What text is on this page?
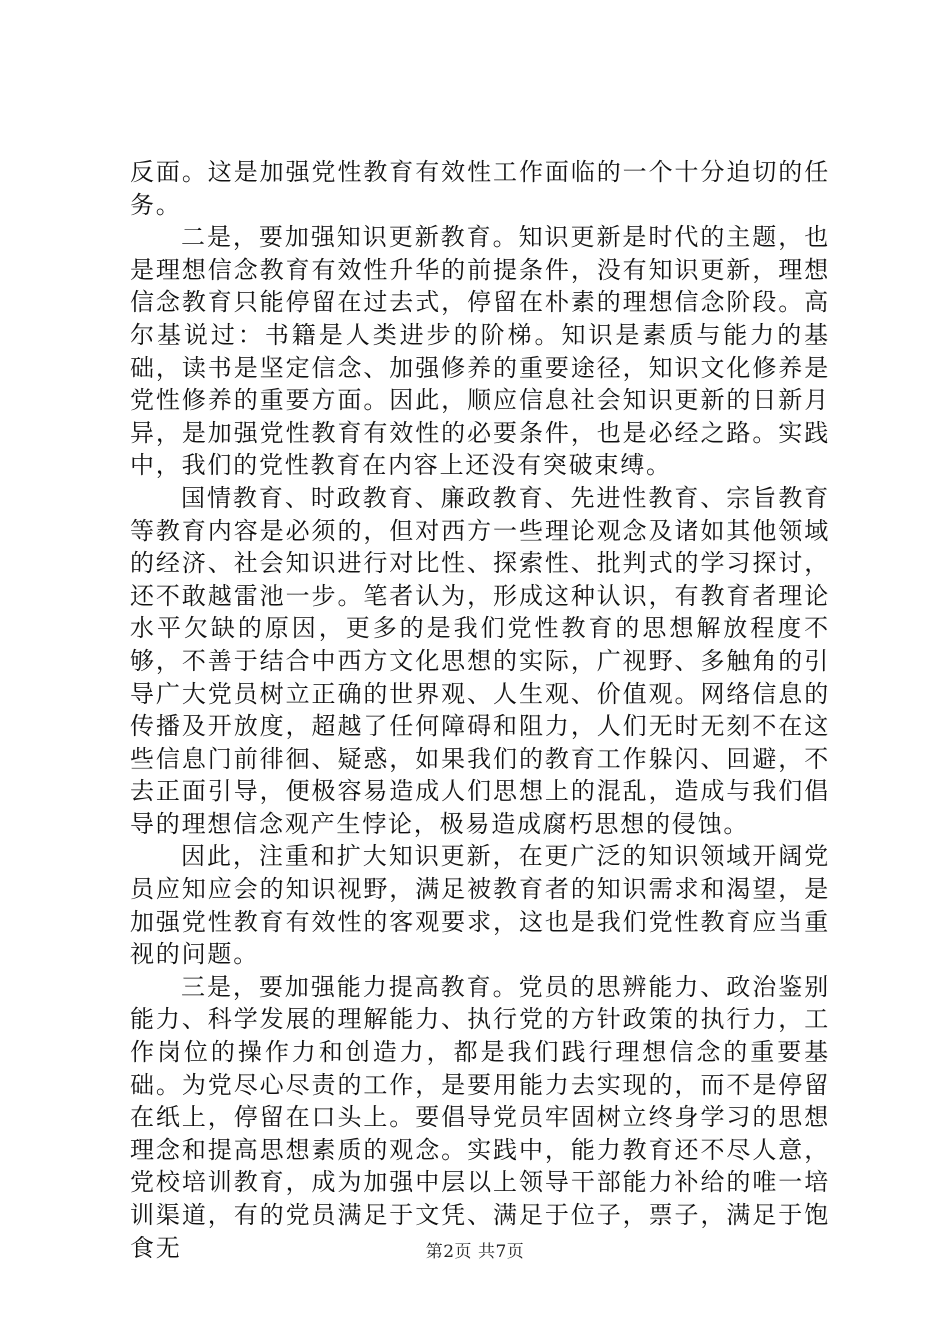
反面。这是加强党性教育有效性工作面临的一个十分迫切的任务。

二是，要加强知识更新教育。知识更新是时代的主题，也是理想信念教育有效性升华的前提条件，没有知识更新，理想信念教育只能停留在过去式，停留在朴素的理想信念阶段。高尔基说过：书籍是人类进步的阶梯。知识是素质与能力的基础，读书是坚定信念、加强修养的重要途径，知识文化修养是党性修养的重要方面。因此，顺应信息社会知识更新的日新月异，是加强党性教育有效性的必要条件，也是必经之路。实践中，我们的党性教育在内容上还没有突破束缚。

国情教育、时政教育、廉政教育、先进性教育、宗旨教育等教育内容是必须的，但对西方一些理论观念及诸如其他领域的经济、社会知识进行对比性、探索性、批判式的学习探讨，还不敢越雷池一步。笔者认为，形成这种认识，有教育者理论水平欠缺的原因，更多的是我们党性教育的思想解放程度不够，不善于结合中西方文化思想的实际，广视野、多触角的引导广大党员树立正确的世界观、人生观、价值观。网络信息的传播及开放度，超越了任何障碍和阻力，人们无时无刻不在这些信息门前徘徊、疑惑，如果我们的教育工作躲闪、回避，不去正面引导，便极容易造成人们思想上的混乱，造成与我们倡导的理想信念观产生悖论，极易造成腐朽思想的侵蚀。

因此，注重和扩大知识更新，在更广泛的知识领域开阔党员应知应会的知识视野，满足被教育者的知识需求和渴望，是加强党性教育有效性的客观要求，这也是我们党性教育应当重视的问题。

三是，要加强能力提高教育。党员的思辨能力、政治鉴别能力、科学发展的理解能力、执行党的方针政策的执行力，工作岗位的操作力和创造力，都是我们践行理想信念的重要基础。为党尽心尽责的工作，是要用能力去实现的，而不是停留在纸上，停留在口头上。要倡导党员牢固树立终身学习的思想理念和提高思想素质的观念。实践中，能力教育还不尽人意，党校培训教育，成为加强中层以上领导干部能力补给的唯一培训渠道，有的党员满足于文凭、满足于位子，票子，满足于饱食无	第2页 共7页
